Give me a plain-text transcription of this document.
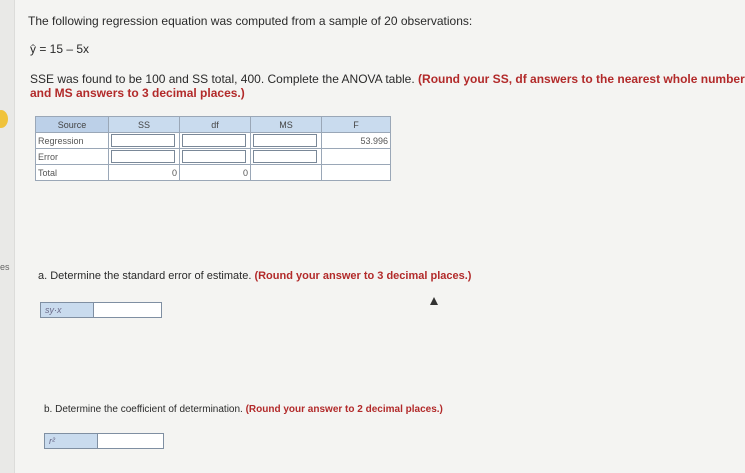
es
The following regression equation was computed from a sample of 20 observations:
ŷ = 15 – 5x
SSE was found to be 100 and SS total, 400. Complete the ANOVA table. (Round your SS, df answers to the nearest whole number
and MS answers to 3 decimal places.)
Source	SS	df	MS	F
Regression				53.996
Error	

Total	0	0		
a. Determine the standard error of estimate. (Round your answer to 3 decimal places.)
sy·x
b. Determine the coefficient of determination. (Round your answer to 2 decimal places.)
r²
